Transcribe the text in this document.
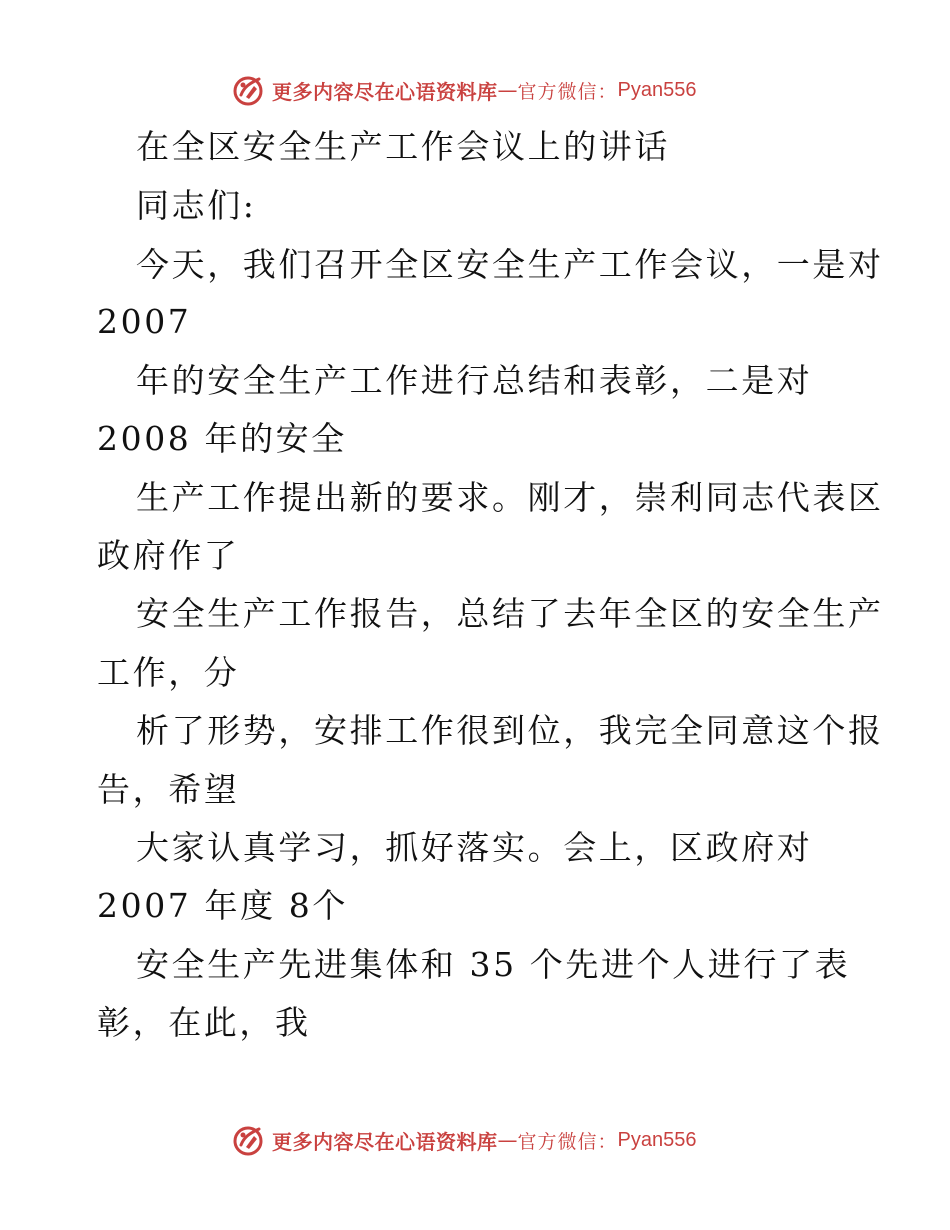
更多内容尽在心语资料库 — 官方微信： Pyan556
在全区安全生产工作会议上的讲话
同志们:
今天，我们召开全区安全生产工作会议，一是对
2007
年的安全生产工作进行总结和表彰，二是对
2008 年的安全
生产工作提出新的要求。刚才，崇利同志代表区
政府作了
安全生产工作报告，总结了去年全区的安全生产
工作，分
析了形势，安排工作很到位，我完全同意这个报
告，希望
大家认真学习，抓好落实。会上，区政府对
2007 年度 8个
安全生产先进集体和 35 个先进个人进行了表
彰，在此，我
更多内容尽在心语资料库 — 官方微信： Pyan556
